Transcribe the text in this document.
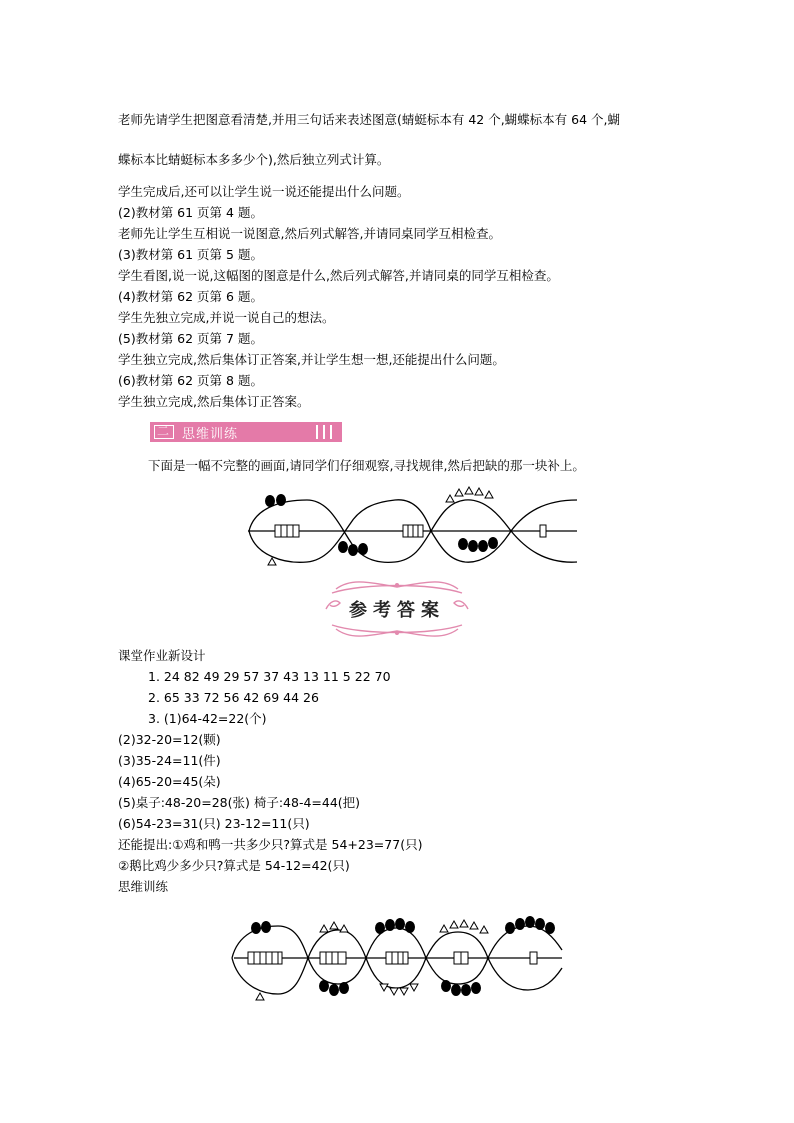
老师先请学生把图意看清楚,并用三句话来表述图意(蜻蜓标本有 42 个,蝴蝶标本有 64 个,蝴
蝶标本比蜻蜓标本多多少个),然后独立列式计算。
学生完成后,还可以让学生说一说还能提出什么问题。
(2)教材第 61 页第 4 题。
老师先让学生互相说一说图意,然后列式解答,并请同桌同学互相检查。
(3)教材第 61 页第 5 题。
学生看图,说一说,这幅图的图意是什么,然后列式解答,并请同桌的同学互相检查。
(4)教材第 62 页第 6 题。
学生先独立完成,并说一说自己的想法。
(5)教材第 62 页第 7 题。
学生独立完成,然后集体订正答案,并让学生想一想,还能提出什么问题。
(6)教材第 62 页第 8 题。
学生独立完成,然后集体订正答案。
二 思维训练
下面是一幅不完整的画面,请同学们仔细观察,寻找规律,然后把缺的那一块补上。
参考答案
课堂作业新设计
1. 24 82 49 29 57 37 43 13 11 5 22 70
2. 65 33 72 56 42 69 44 26
3. (1)64-42=22(个)
(2)32-20=12(颗)
(3)35-24=11(件)
(4)65-20=45(朵)
(5)桌子:48-20=28(张) 椅子:48-4=44(把)
(6)54-23=31(只) 23-12=11(只)
还能提出:①鸡和鸭一共多少只?算式是 54+23=77(只)
②鹅比鸡少多少只?算式是 54-12=42(只)
思维训练
